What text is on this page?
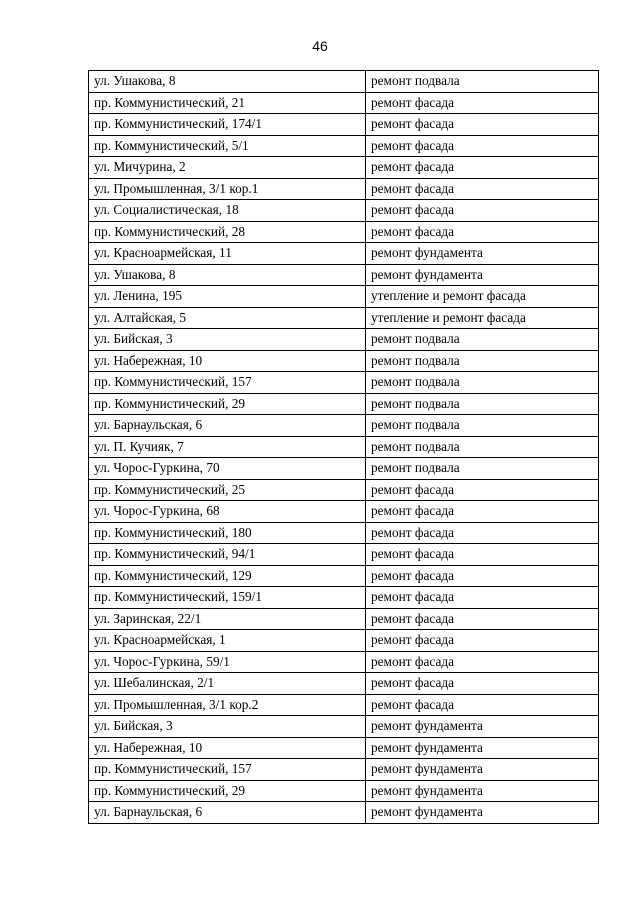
46
ул. Ушакова, 8	ремонт подвала
пр. Коммунистический, 21	ремонт фасада
пр. Коммунистический, 174/1	ремонт фасада
пр. Коммунистический, 5/1	ремонт фасада
ул. Мичурина, 2	ремонт фасада
ул. Промышленная, 3/1 кор.1	ремонт фасада
ул. Социалистическая, 18	ремонт фасада
пр. Коммунистический, 28	ремонт фасада
ул. Красноармейская, 11	ремонт фундамента
ул. Ушакова, 8	ремонт фундамента
ул. Ленина, 195	утепление и ремонт фасада
ул. Алтайская, 5	утепление и ремонт фасада
ул. Бийская, 3	ремонт подвала
ул. Набережная, 10	ремонт подвала
пр. Коммунистический, 157	ремонт подвала
пр. Коммунистический, 29	ремонт подвала
ул. Барнаульская, 6	ремонт подвала
ул. П. Кучияк, 7	ремонт подвала
ул. Чорос-Гуркина, 70	ремонт подвала
пр. Коммунистический, 25	ремонт фасада
ул. Чорос-Гуркина, 68	ремонт фасада
пр. Коммунистический, 180	ремонт фасада
пр. Коммунистический, 94/1	ремонт фасада
пр. Коммунистический, 129	ремонт фасада
пр. Коммунистический, 159/1	ремонт фасада
ул. Заринская, 22/1	ремонт фасада
ул. Красноармейская, 1	ремонт фасада
ул. Чорос-Гуркина, 59/1	ремонт фасада
ул. Шебалинская, 2/1	ремонт фасада
ул. Промышленная, 3/1 кор.2	ремонт фасада
ул. Бийская, 3	ремонт фундамента
ул. Набережная, 10	ремонт фундамента
пр. Коммунистический, 157	ремонт фундамента
пр. Коммунистический, 29	ремонт фундамента
ул. Барнаульская, 6	ремонт фундамента
